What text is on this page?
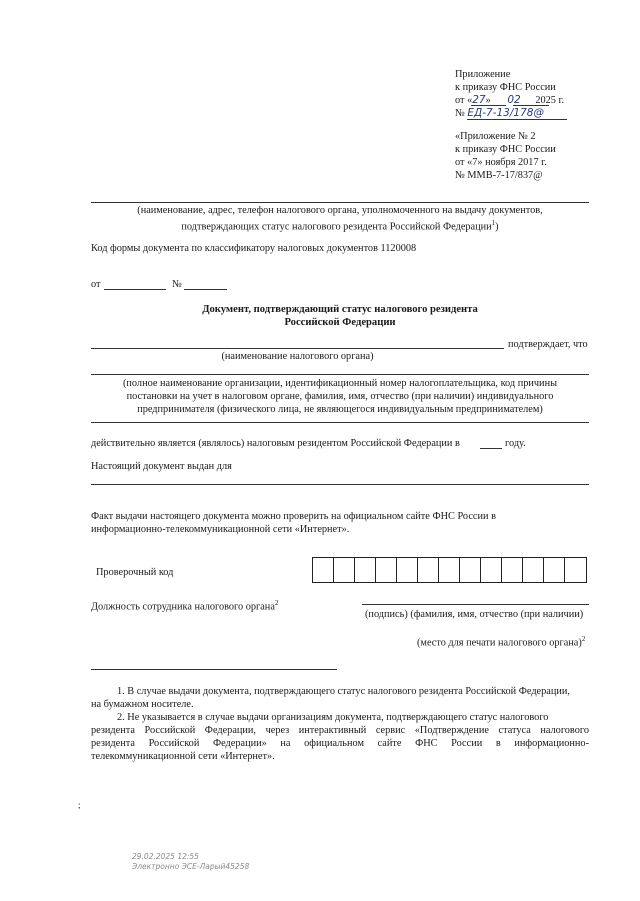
Приложение
к приказу ФНС России
от «27» 02 2025 г.
№ ЕД-7-13/178@
«Приложение № 2
к приказу ФНС России
от «7» ноября 2017 г.
№ ММВ-7-17/837@
(наименование, адрес, телефон налогового органа, уполномоченного на выдачу документов,
подтверждающих статус налогового резидента Российской Федерации$^1$)
Код формы документа по классификатору налоговых документов 1120008
от	№
Документ, подтверждающий статус налогового резидента
Российской Федерации
подтверждает, что
(наименование налогового органа)
(полное наименование организации, идентификационный номер налогоплательщика, код причины
постановки на учет в налоговом органе, фамилия, имя, отчество (при наличии) индивидуального
предпринимателя (физического лица, не являющегося индивидуальным предпринимателем)
действительно является (являлось) налоговым резидентом Российской Федерации в	году.
Настоящий документ выдан для
Факт выдачи настоящего документа можно проверить на официальном сайте ФНС России в
информационно-телекоммуникационной сети «Интернет».
Проверочный код
Должность сотрудника налогового органа$^2$
(подпись) (фамилия, имя, отчество (при наличии)
(место для печати налогового органа)$^2$
1. В случае выдачи документа, подтверждающего статус налогового резидента Российской Федерации,
на бумажном носителе.
2. Не указывается в случае выдачи организациям документа, подтверждающего статус налогового
резидента Российской Федерации, через интерактивный сервис «Подтверждение статуса налогового
резидента Российской Федерации» на официальном сайте ФНС России в информационно-
телекоммуникационной сети «Интернет».
;
29.02.2025 12:55
Электронно ЭСЕ-Ларый45258
